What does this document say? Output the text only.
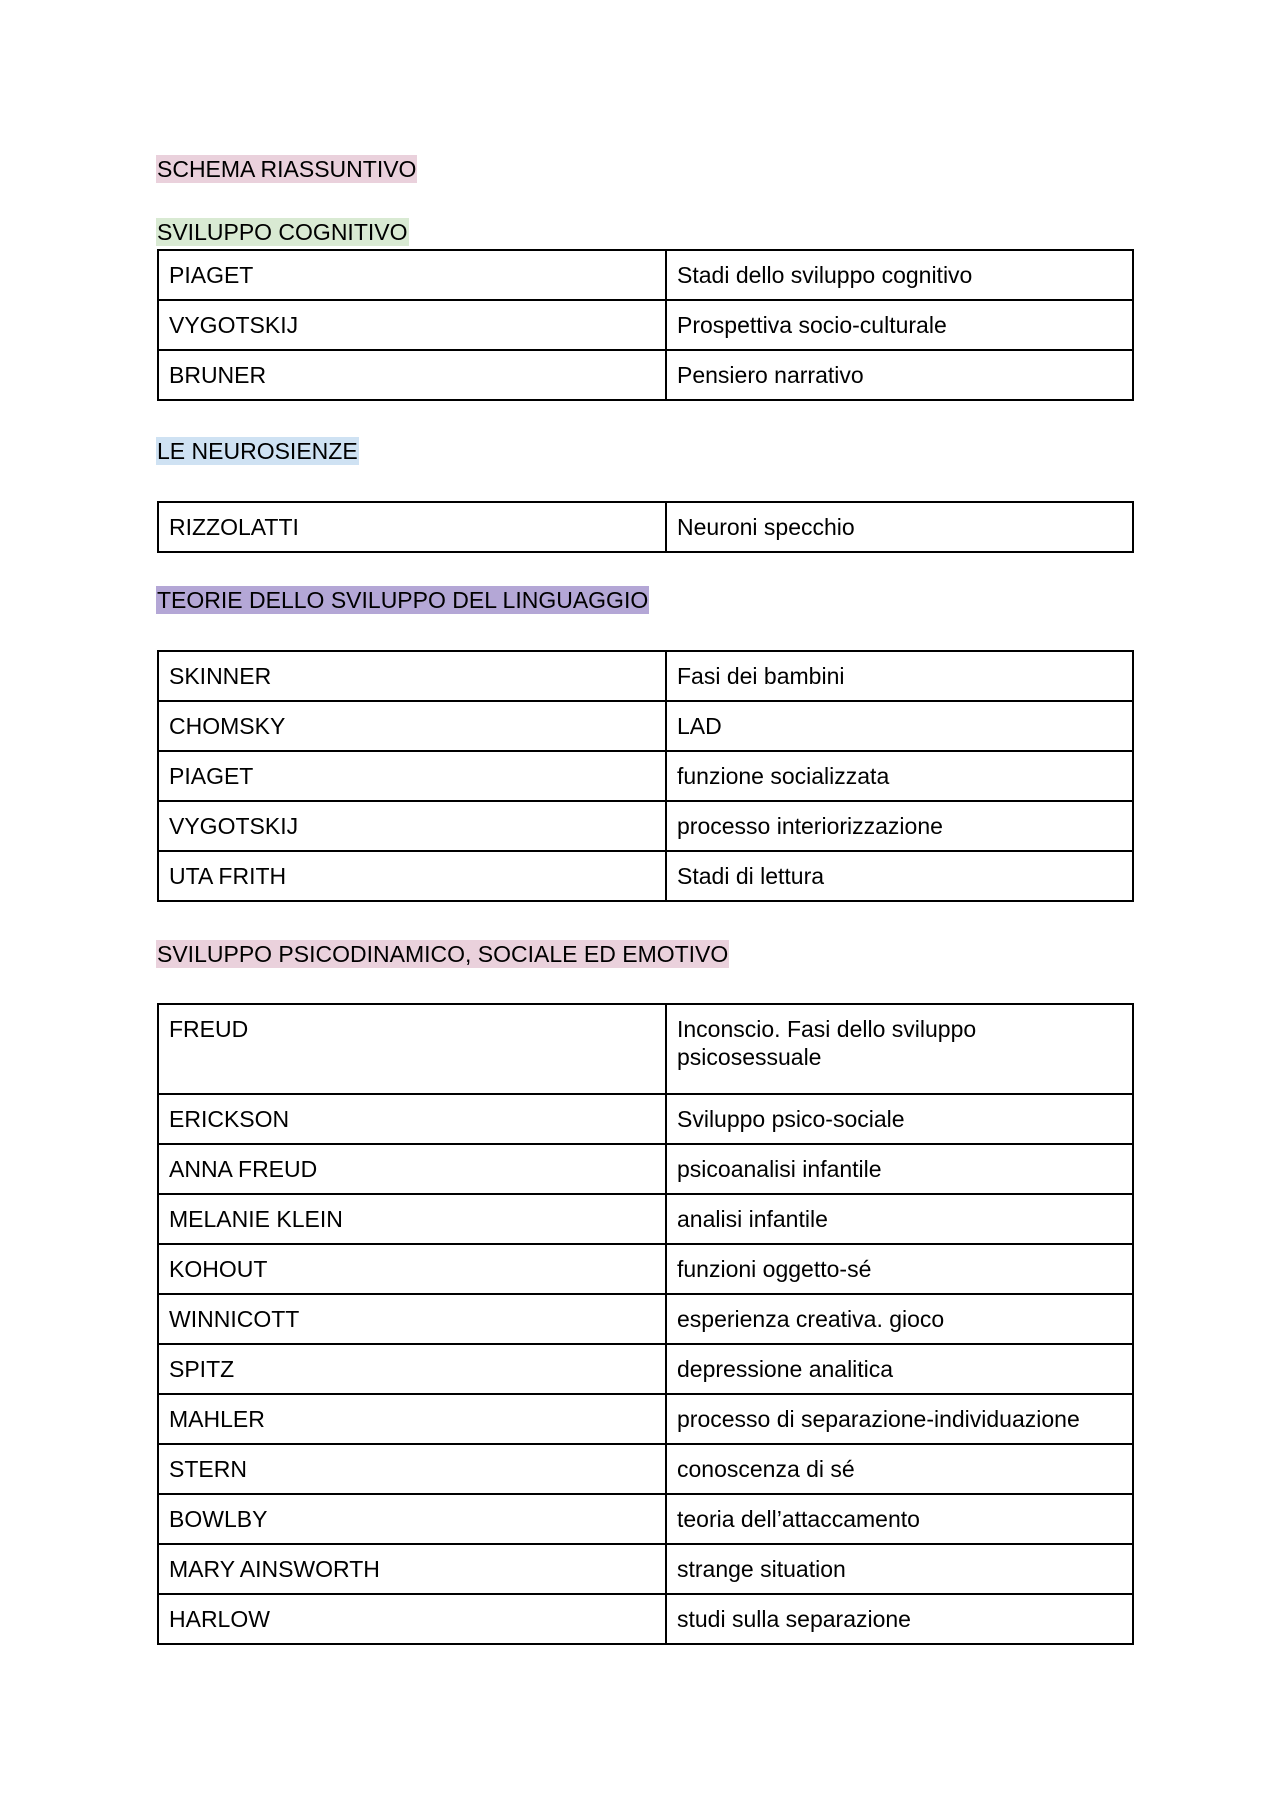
SCHEMA RIASSUNTIVO
SVILUPPO COGNITIVO
PIAGET	Stadi dello sviluppo cognitivo
VYGOTSKIJ	Prospettiva socio-culturale
BRUNER	Pensiero narrativo
LE NEUROSIENZE
RIZZOLATTI	Neuroni specchio
TEORIE DELLO SVILUPPO DEL LINGUAGGIO
SKINNER	Fasi dei bambini
CHOMSKY	LAD
PIAGET	funzione socializzata
VYGOTSKIJ	processo interiorizzazione
UTA FRITH	Stadi di lettura
SVILUPPO PSICODINAMICO, SOCIALE ED EMOTIVO
FREUD	Inconscio. Fasi dello sviluppo psicosessuale
ERICKSON	Sviluppo psico-sociale
ANNA FREUD	psicoanalisi infantile
MELANIE KLEIN	analisi infantile
KOHOUT	funzioni oggetto-sé
WINNICOTT	esperienza creativa. gioco
SPITZ	depressione analitica
MAHLER	processo di separazione-individuazione
STERN	conoscenza di sé
BOWLBY	teoria dell’attaccamento
MARY AINSWORTH	strange situation
HARLOW	studi sulla separazione
